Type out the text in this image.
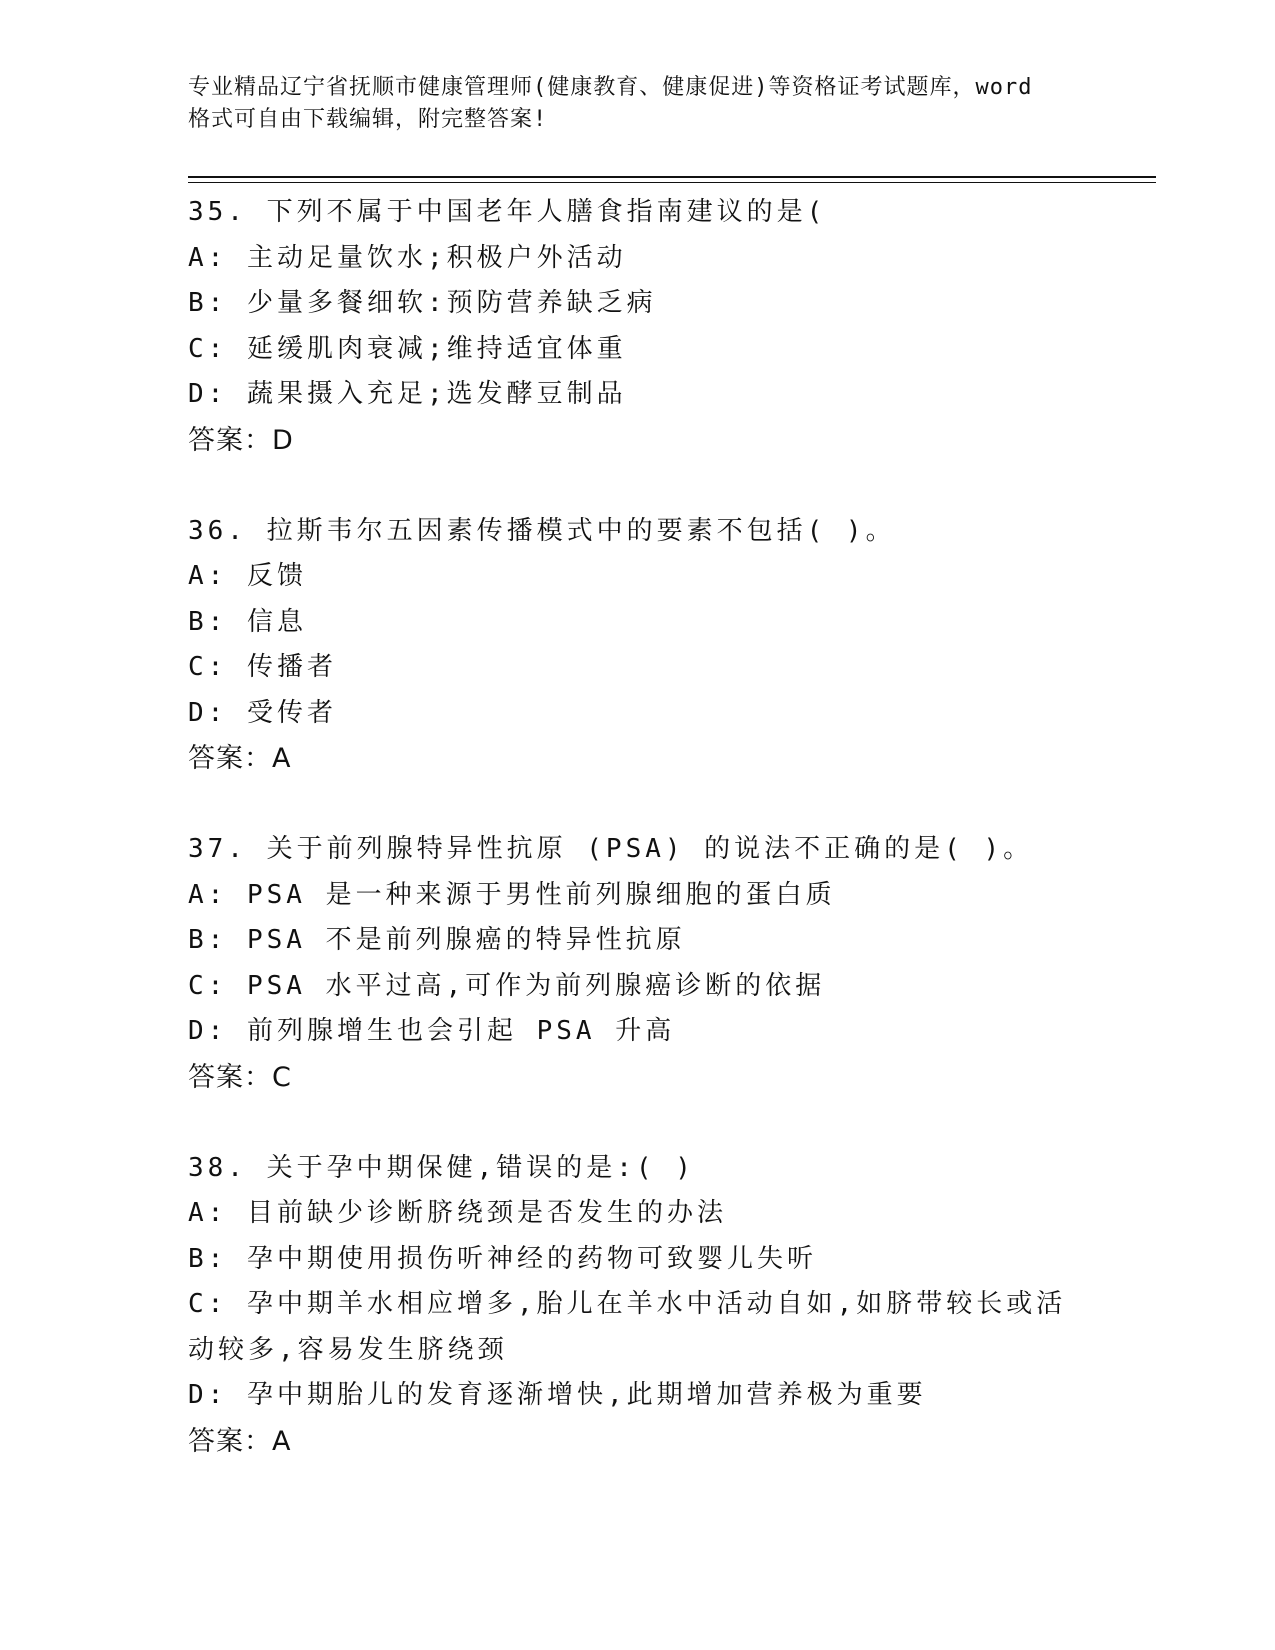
专业精品辽宁省抚顺市健康管理师(健康教育、健康促进)等资格证考试题库，word
格式可自由下载编辑，附完整答案!
35. 下列不属于中国老年人膳食指南建议的是(
A: 主动足量饮水;积极户外活动
B: 少量多餐细软:预防营养缺乏病
C: 延缓肌肉衰减;维持适宜体重
D: 蔬果摄入充足;选发酵豆制品
答案：D
36. 拉斯韦尔五因素传播模式中的要素不包括( )。
A: 反馈
B: 信息
C: 传播者
D: 受传者
答案：A
37. 关于前列腺特异性抗原 (PSA) 的说法不正确的是( )。
A: PSA 是一种来源于男性前列腺细胞的蛋白质
B: PSA 不是前列腺癌的特异性抗原
C: PSA 水平过高,可作为前列腺癌诊断的依据
D: 前列腺增生也会引起 PSA 升高
答案：C
38. 关于孕中期保健,错误的是:( )
A: 目前缺少诊断脐绕颈是否发生的办法
B: 孕中期使用损伤听神经的药物可致婴儿失听
C: 孕中期羊水相应增多,胎儿在羊水中活动自如,如脐带较长或活动较多,容易发生脐绕颈
D: 孕中期胎儿的发育逐渐增快,此期增加营养极为重要
答案：A
